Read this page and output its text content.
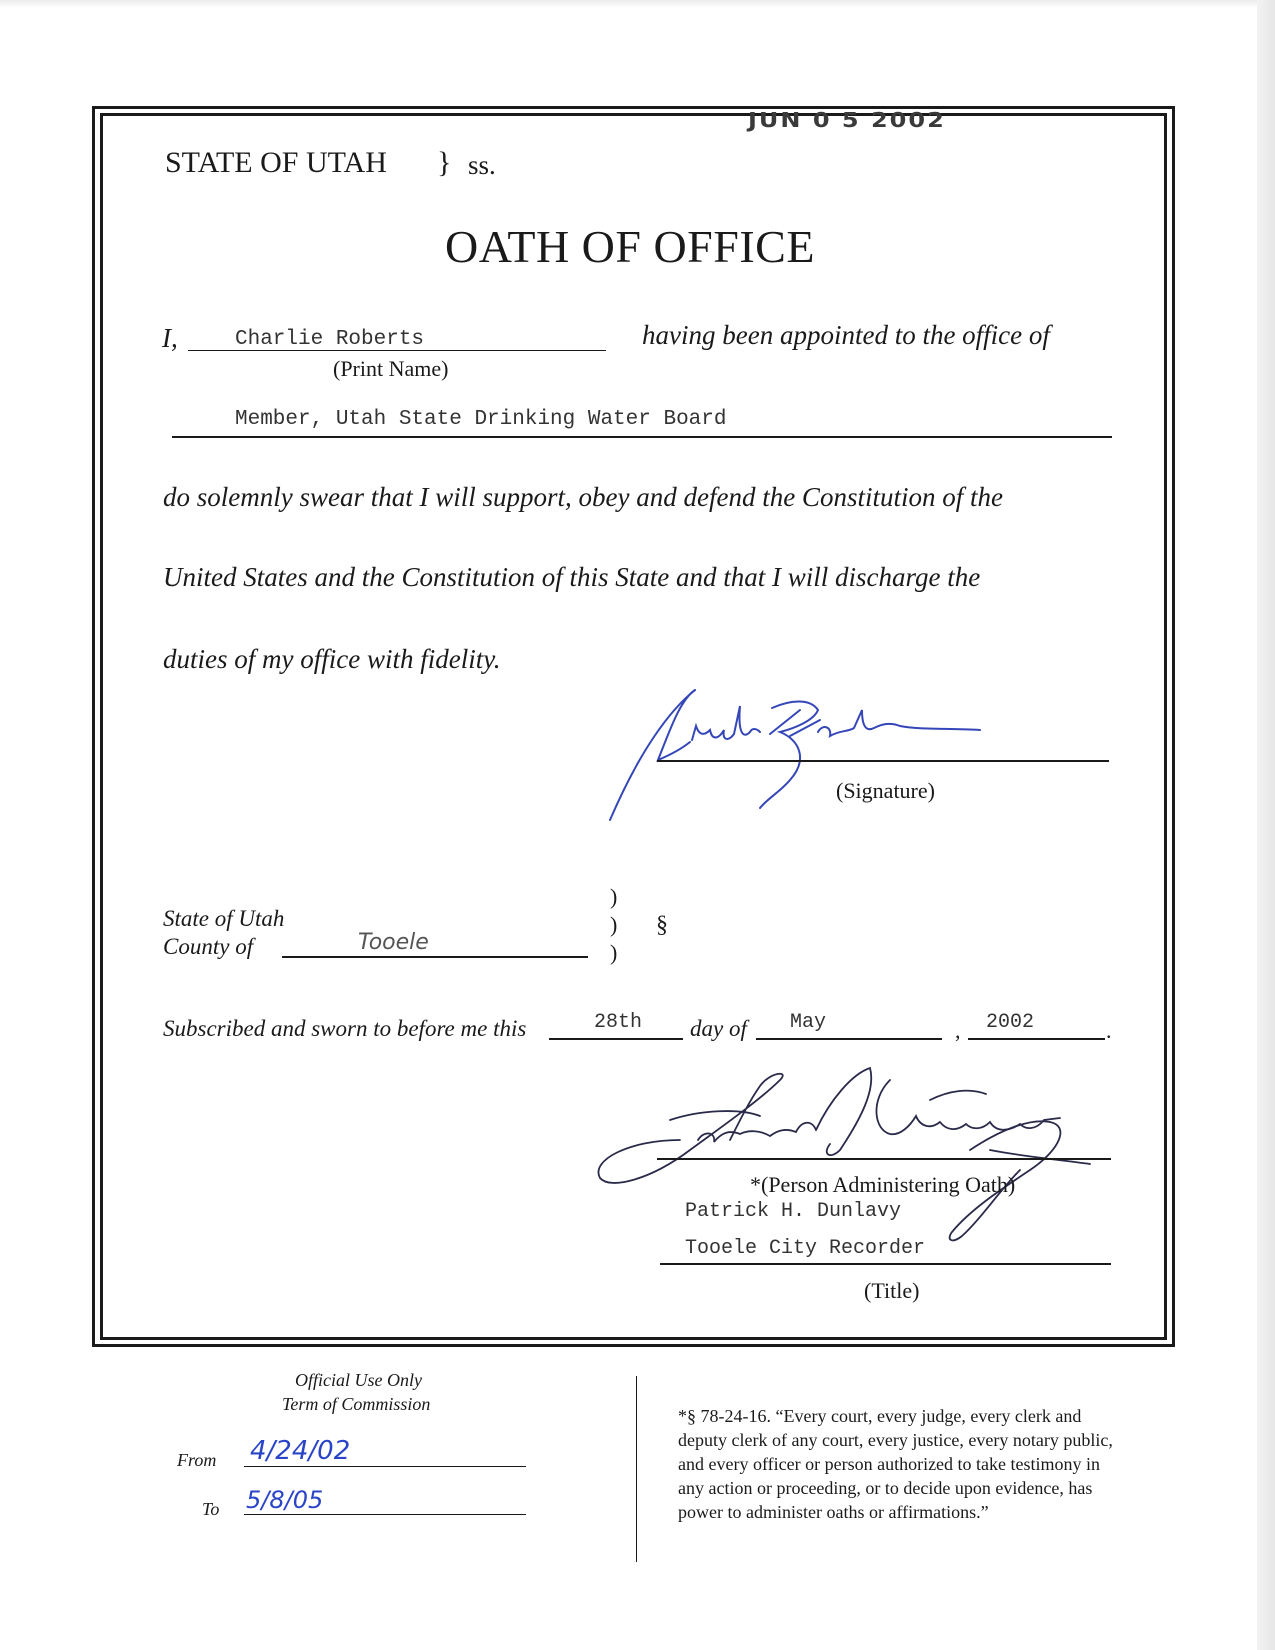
JUN 0 5 2002
STATE OF UTAH } ss.
OATH OF OFFICE
I,	Charlie Roberts
(Print Name)
having been appointed to the office of
Member, Utah State Drinking Water Board
do solemnly swear that I will support, obey and defend the Constitution of the
United States and the Constitution of this State and that I will discharge the
duties of my office with fidelity.
(Signature)
State of Utah
County of	Tooele
)
)
)
§
Subscribed and sworn to before me this	28th day of May	, 2002	.
*(Person Administering Oath)
Patrick H. Dunlavy
Tooele City Recorder
(Title)
Official Use Only
Term of Commission
From 4/24/02
To 5/8/05
*§ 78-24-16. “Every court, every judge, every clerk and
deputy clerk of any court, every justice, every notary public,
and every officer or person authorized to take testimony in
any action or proceeding, or to decide upon evidence, has
power to administer oaths or affirmations.”
